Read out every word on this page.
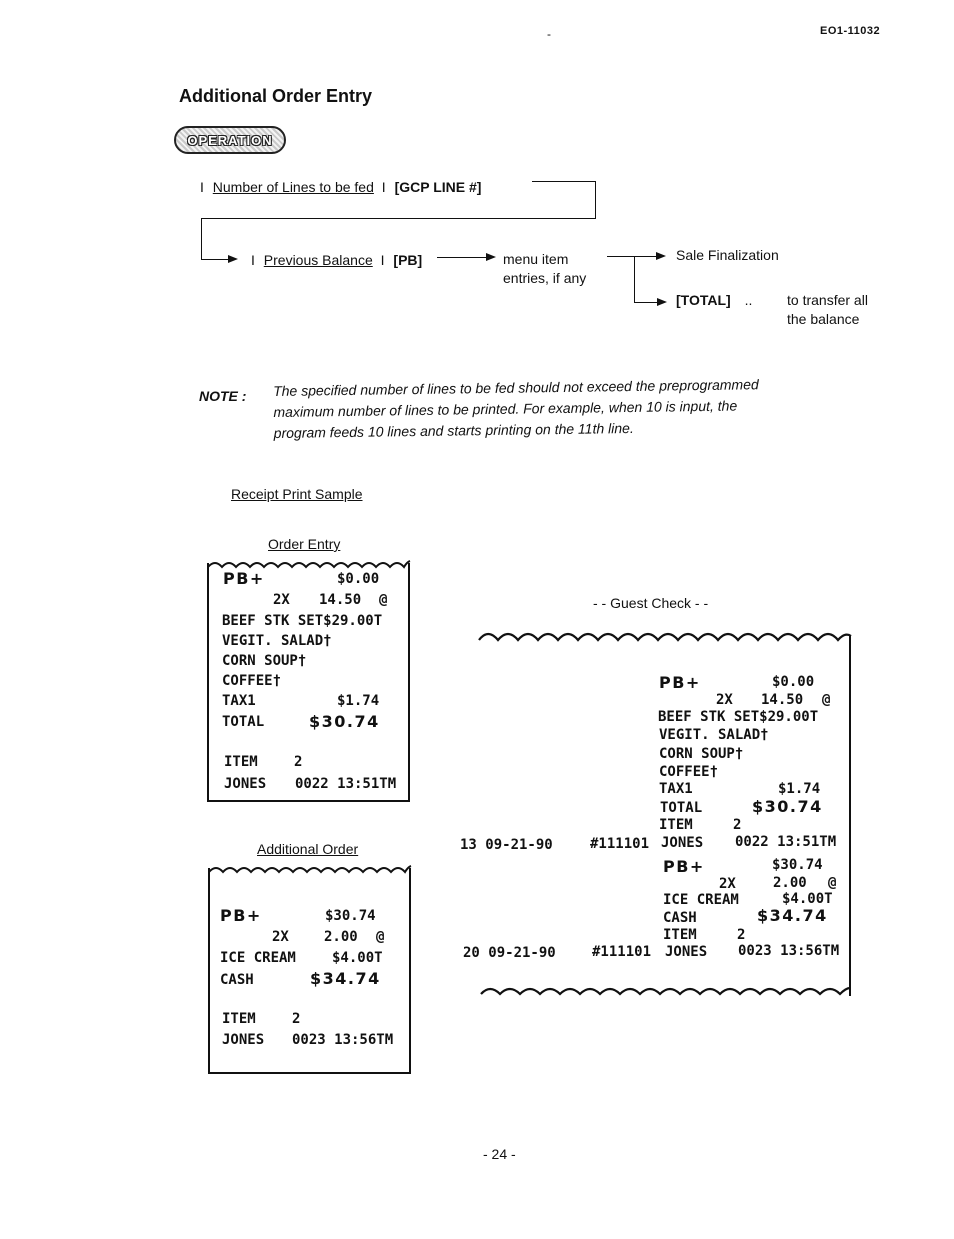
EO1-11032
-
Additional Order Entry
OPERATION
I Number of Lines to be fed I [GCP LINE #]
I Previous Balance I [PB]	menu item
entries, if any
Sale Finalization
[TOTAL] .. to transfer all
the balance
NOTE : The specified number of lines to be fed should not exceed the preprogrammed
maximum number of lines to be printed. For example, when 10 is input, the
program feeds 10 lines and starts printing on the 11th line.
Receipt Print Sample
Order Entry
PB+	$0.00
2X 14.50 @
BEEF STK SET$29.00T
VEGIT. SALAD†
CORN SOUP†
COFFEE†
TAX1	$1.74
TOTAL	$30.74
ITEM	2
JONES 0022 13:51TM
Additional Order
PB+	$30.74
2X	2.00 @
ICE CREAM	$4.00T
CASH	$34.74
ITEM	2
JONES 0023 13:56TM
- - Guest Check - -
PB+	$0.00
2X 14.50 @
BEEF STK SET$29.00T
VEGIT. SALAD†
CORN SOUP†
COFFEE†
TAX1	$1.74
TOTAL	$30.74
ITEM	2
13 09-21-90	#111101 JONES 0022 13:51TM
PB+	$30.74
2X	2.00 @
ICE CREAM	$4.00T
CASH	$34.74
ITEM	2
20 09-21-90	#111101 JONES 0023 13:56TM
- 24 -
